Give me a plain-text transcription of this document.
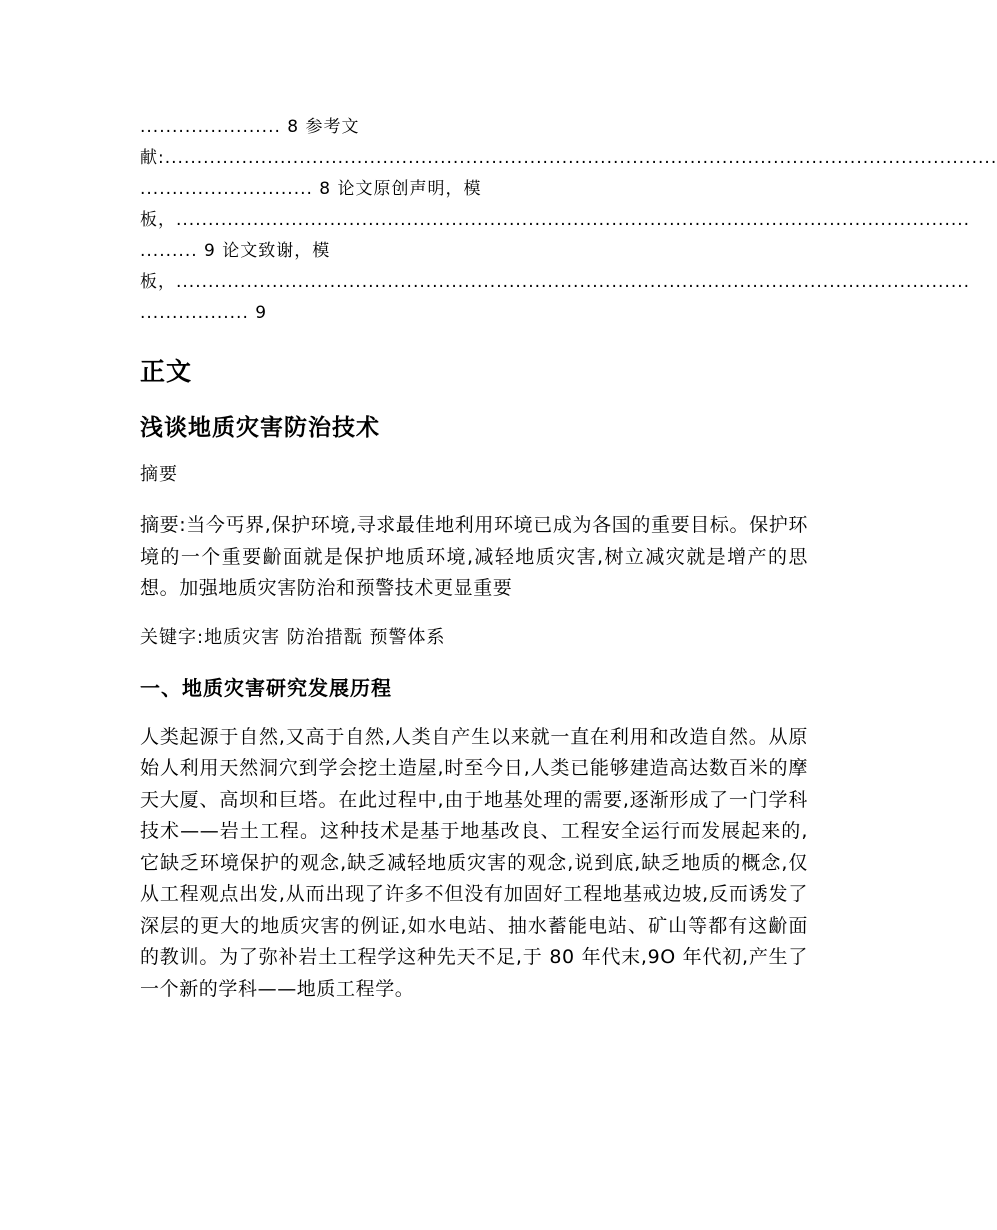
...................... 8 参考文
献:..................................................................................................................................
........................... 8 论文原创声明，模
板，............................................................................................................................
......... 9 论文致谢，模
板，............................................................................................................................
................. 9
正文
浅谈地质灾害防治技术
摘要
摘要:当今丐界,保护环境,寻求最佳地利用环境已成为各国的重要目标。保护环境的一个重要齘面就是保护地质环境,减轻地质灾害,树立减灾就是增产的思想。加强地质灾害防治和预警技术更显重要
关键字:地质灾害 防治措翫 预警体系
一、地质灾害研究发展历程
人类起源于自然,又高于自然,人类自产生以来就一直在利用和改造自然。从原始人利用天然洞穴到学会挖土造屋,时至今日,人类已能够建造高达数百米的摩天大厦、高坝和巨塔。在此过程中,由于地基处理的需要,逐渐形成了一门学科技术——岩土工程。这种技术是基于地基改良、工程安全运行而发展起来的,它缺乏环境保护的观念,缺乏减轻地质灾害的观念,说到底,缺乏地质的概念,仅从工程观点出发,从而出现了许多不但没有加固好工程地基戒边坡,反而诱发了深层的更大的地质灾害的例证,如水电站、抽水蓄能电站、矿山等都有这齘面的教训。为了弥补岩土工程学这种先天不足,于 80 年代末,9O 年代初,产生了一个新的学科——地质工程学。
